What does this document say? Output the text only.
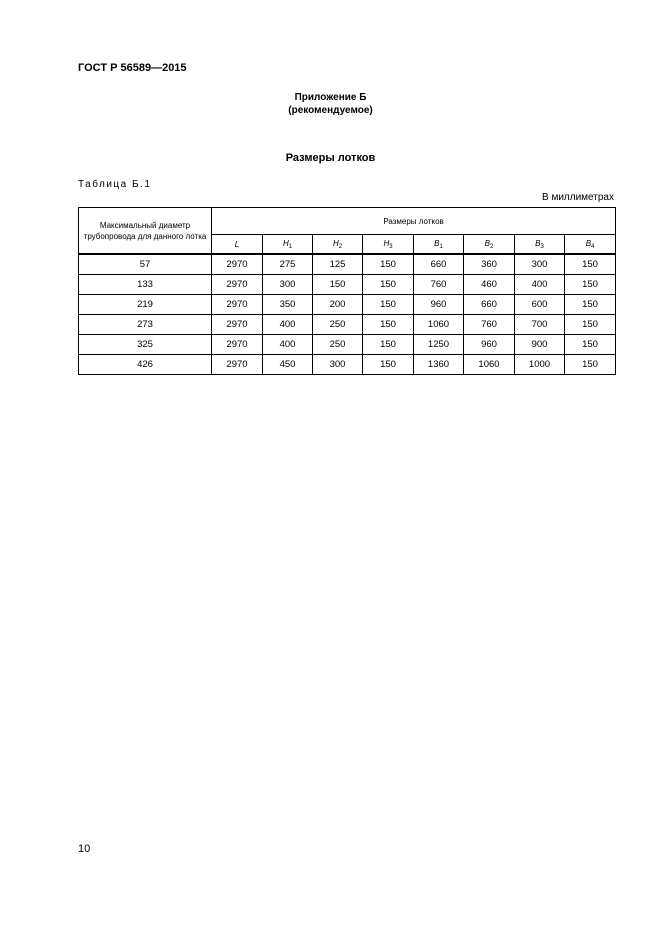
ГОСТ Р 56589—2015
Приложение Б
(рекомендуемое)
Размеры лотков
Таблица Б.1
В миллиметрах
Максимальный диаметр трубопровода для данного лотка	Размеры лотков							
	L	$H_1$	$H_2$	$H_3$	$B_1$	$B_2$	$B_3$	$B_4$
57	2970	275	125	150	660	360	300	150
133	2970	300	150	150	760	460	400	150
219	2970	350	200	150	960	660	600	150
273	2970	400	250	150	1060	760	700	150
325	2970	400	250	150	1250	960	900	150
426	2970	450	300	150	1360	1060	1000	150
10
